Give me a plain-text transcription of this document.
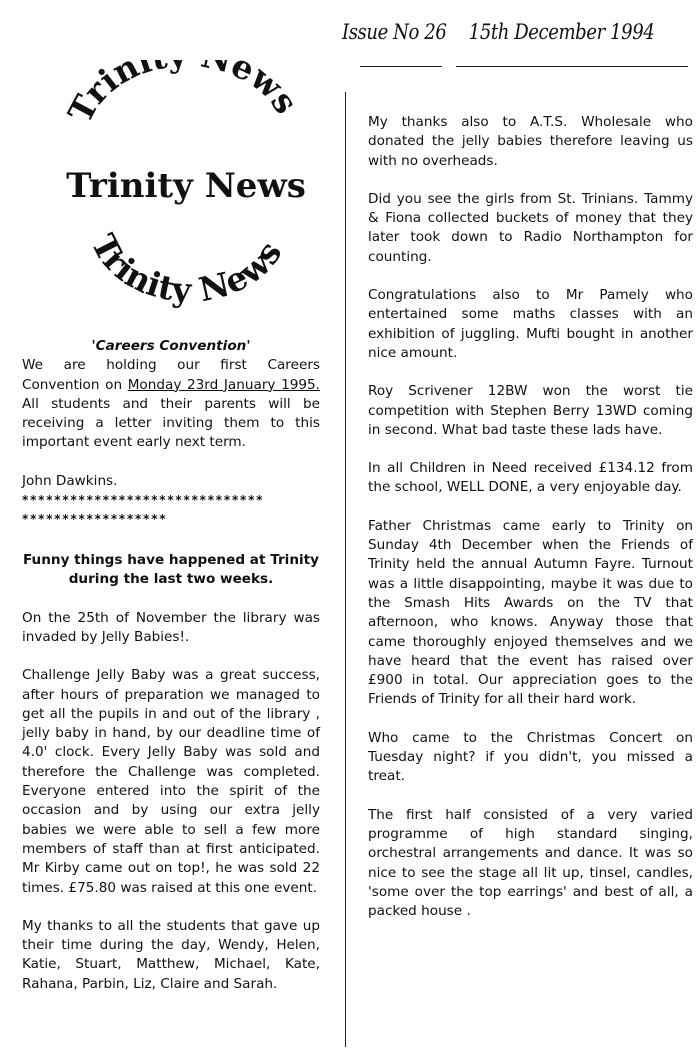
Issue No 26 15th December 1994
Trini ews
Trinity News
Trinity News
'Careers Convention'

We are holding our first Careers Convention on Monday 23rd January 1995. All students and their parents will be receiving a letter inviting them to this important event early next term.

John Dawkins.
******************************
******************
Funny things have happened at Trinity during the last two weeks.

On the 25th of November the library was invaded by Jelly Babies!.

Challenge Jelly Baby was a great success, after hours of preparation we managed to get all the pupils in and out of the library , jelly baby in hand, by our deadline time of 4.0' clock. Every Jelly Baby was sold and therefore the Challenge was completed. Everyone entered into the spirit of the occasion and by using our extra jelly babies we were able to sell a few more members of staff than at first anticipated. Mr Kirby came out on top!, he was sold 22 times. £75.80 was raised at this one event.

My thanks to all the students that gave up their time during the day, Wendy, Helen, Katie, Stuart, Matthew, Michael, Kate, Rahana, Parbin, Liz, Claire and Sarah.

My thanks also to A.T.S. Wholesale who donated the jelly babies therefore leaving us with no overheads.

Did you see the girls from St. Trinians. Tammy & Fiona collected buckets of money that they later took down to Radio Northampton for counting.

Congratulations also to Mr Pamely who entertained some maths classes with an exhibition of juggling. Mufti bought in another nice amount.

Roy Scrivener 12BW won the worst tie competition with Stephen Berry 13WD coming in second. What bad taste these lads have.

In all Children in Need received £134.12 from the school, WELL DONE, a very enjoyable day.

Father Christmas came early to Trinity on Sunday 4th December when the Friends of Trinity held the annual Autumn Fayre. Turnout was a little disappointing, maybe it was due to the Smash Hits Awards on the TV that afternoon, who knows. Anyway those that came thoroughly enjoyed themselves and we have heard that the event has raised over £900 in total. Our appreciation goes to the Friends of Trinity for all their hard work.

Who came to the Christmas Concert on Tuesday night? if you didn't, you missed a treat.

The first half consisted of a very varied programme of high standard singing, orchestral arrangements and dance. It was so nice to see the stage all lit up, tinsel, candles, 'some over the top earrings' and best of all, a packed house .
